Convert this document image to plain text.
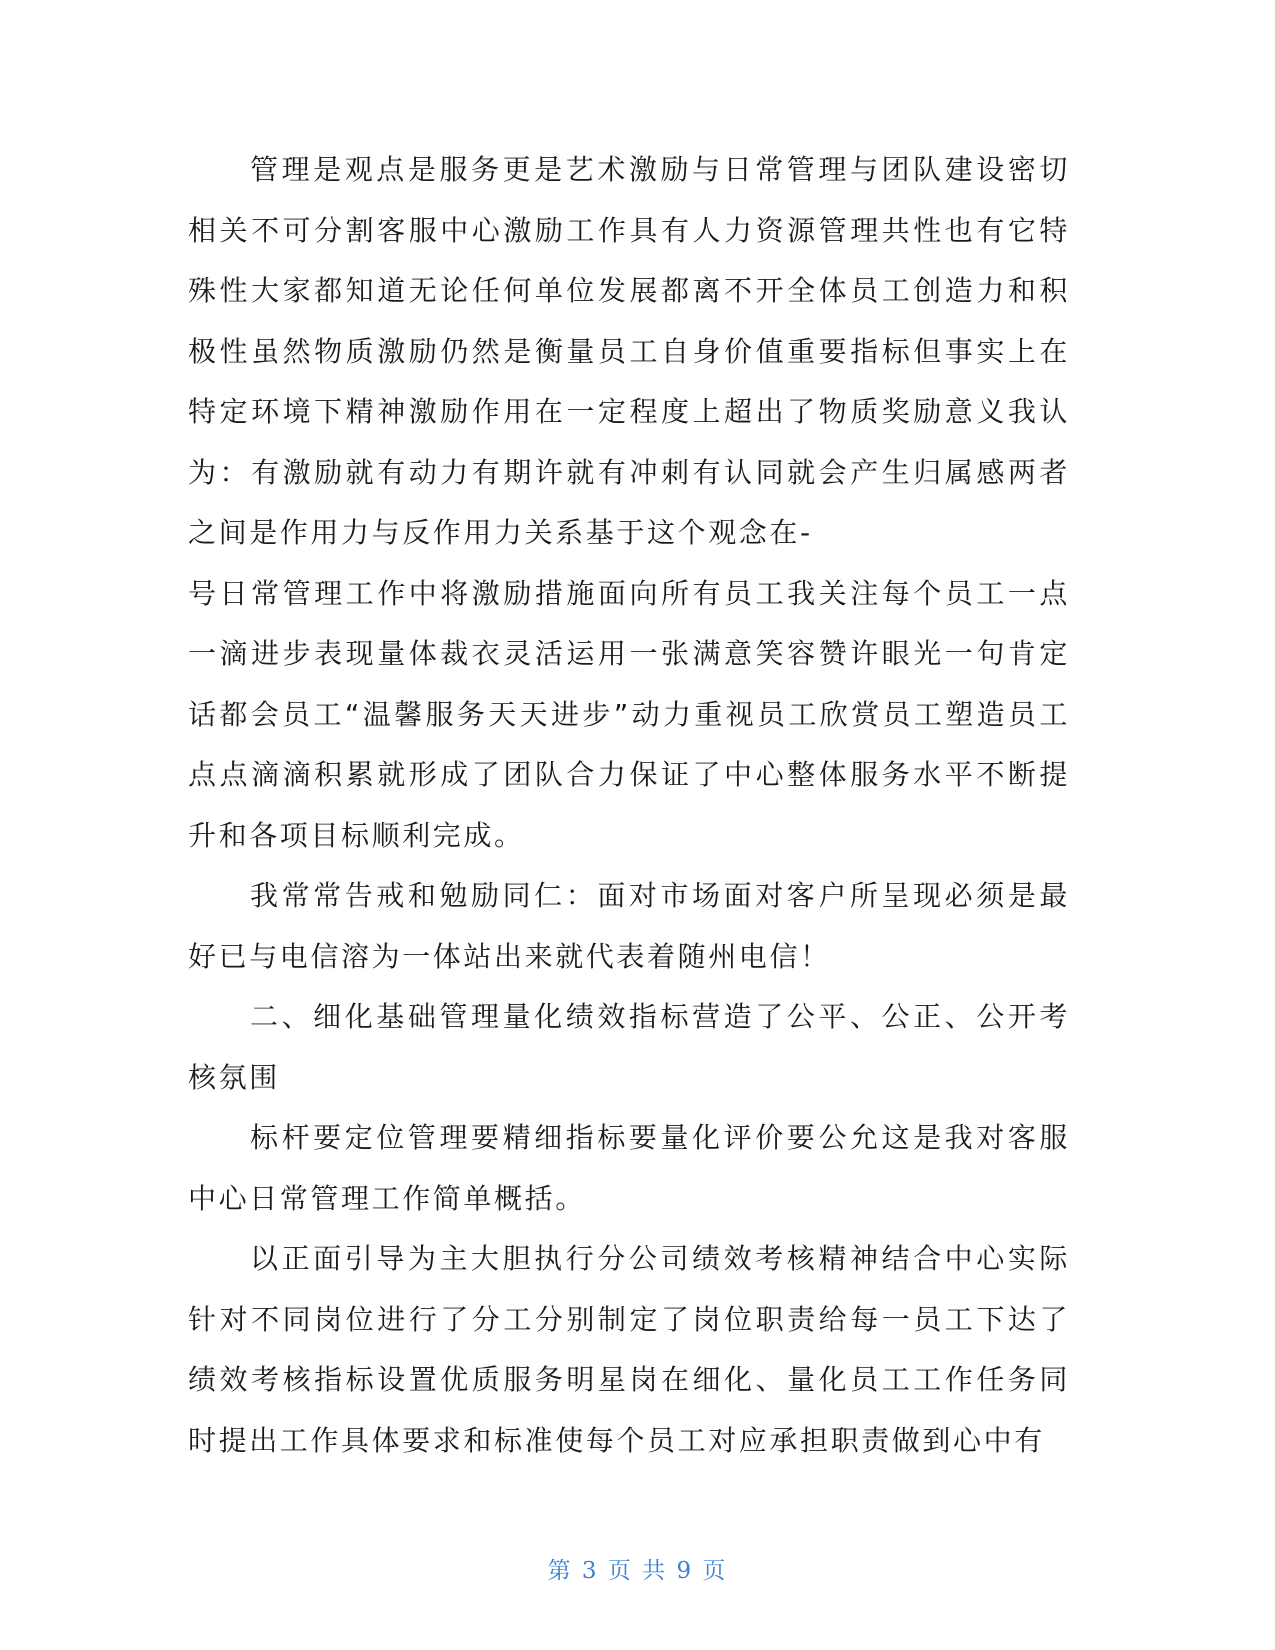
管理是观点是服务更是艺术激励与日常管理与团队建设密切相关不可分割客服中心激励工作具有人力资源管理共性也有它特殊性大家都知道无论任何单位发展都离不开全体员工创造力和积极性虽然物质激励仍然是衡量员工自身价值重要指标但事实上在特定环境下精神激励作用在一定程度上超出了物质奖励意义我认为：有激励就有动力有期许就有冲刺有认同就会产生归属感两者之间是作用力与反作用力关系基于这个观念在-

号日常管理工作中将激励措施面向所有员工我关注每个员工一点一滴进步表现量体裁衣灵活运用一张满意笑容赞许眼光一句肯定话都会员工“温馨服务天天进步”动力重视员工欣赏员工塑造员工点点滴滴积累就形成了团队合力保证了中心整体服务水平不断提升和各项目标顺利完成。

我常常告戒和勉励同仁：面对市场面对客户所呈现必须是最好已与电信溶为一体站出来就代表着随州电信！

二、细化基础管理量化绩效指标营造了公平、公正、公开考核氛围

标杆要定位管理要精细指标要量化评价要公允这是我对客服中心日常管理工作简单概括。

以正面引导为主大胆执行分公司绩效考核精神结合中心实际针对不同岗位进行了分工分别制定了岗位职责给每一员工下达了绩效考核指标设置优质服务明星岗在细化、量化员工工作任务同时提出工作具体要求和标准使每个员工对应承担职责做到心中有

第 3 页 共 9 页
